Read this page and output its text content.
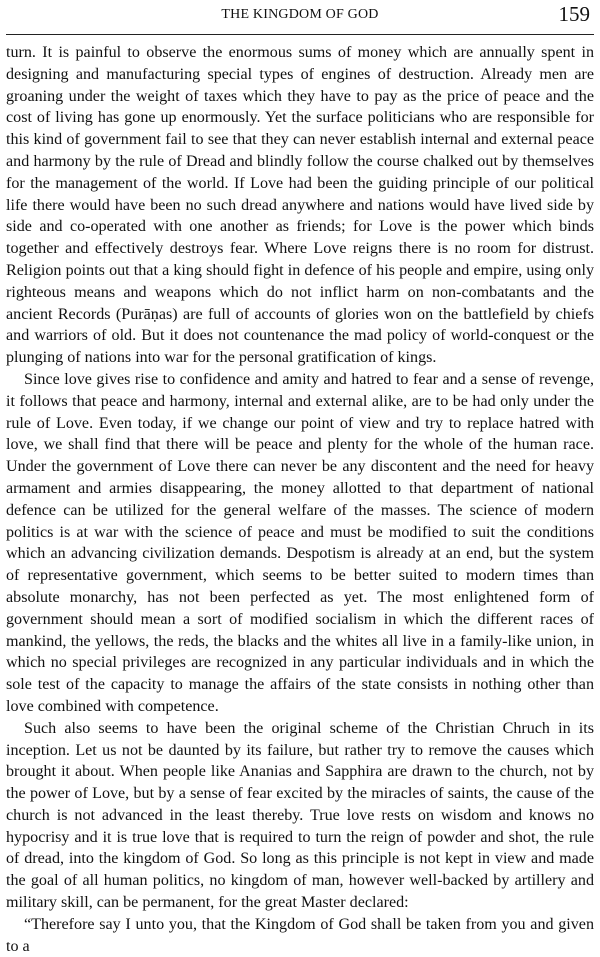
THE KINGDOM OF GOD	159

turn. It is painful to observe the enormous sums of money which are annually spent in designing and manufacturing special types of engines of destruction. Already men are groaning under the weight of taxes which they have to pay as the price of peace and the cost of living has gone up enormously. Yet the surface politicians who are responsible for this kind of government fail to see that they can never establish internal and external peace and harmony by the rule of Dread and blindly follow the course chalked out by themselves for the management of the world. If Love had been the guiding principle of our political life there would have been no such dread anywhere and nations would have lived side by side and co-operated with one another as friends; for Love is the power which binds together and effectively destroys fear. Where Love reigns there is no room for distrust. Religion points out that a king should fight in defence of his people and empire, using only righteous means and weapons which do not inflict harm on non-combatants and the ancient Records (Purāṇas) are full of accounts of glories won on the battlefield by chiefs and warriors of old. But it does not countenance the mad policy of world-conquest or the plunging of nations into war for the personal gratification of kings.

Since love gives rise to confidence and amity and hatred to fear and a sense of revenge, it follows that peace and harmony, internal and external alike, are to be had only under the rule of Love. Even today, if we change our point of view and try to replace hatred with love, we shall find that there will be peace and plenty for the whole of the human race. Under the government of Love there can never be any discontent and the need for heavy armament and armies disappearing, the money allotted to that department of national defence can be utilized for the general welfare of the masses. The science of modern politics is at war with the science of peace and must be modified to suit the conditions which an advancing civilization demands. Despotism is already at an end, but the system of representative government, which seems to be better suited to modern times than absolute monarchy, has not been perfected as yet. The most enlightened form of government should mean a sort of modified socialism in which the different races of mankind, the yellows, the reds, the blacks and the whites all live in a family-like union, in which no special privileges are recognized in any particular individuals and in which the sole test of the capacity to manage the affairs of the state consists in nothing other than love combined with competence.

Such also seems to have been the original scheme of the Christian Chruch in its inception. Let us not be daunted by its failure, but rather try to remove the causes which brought it about. When people like Ananias and Sapphira are drawn to the church, not by the power of Love, but by a sense of fear excited by the miracles of saints, the cause of the church is not advanced in the least thereby. True love rests on wisdom and knows no hypocrisy and it is true love that is required to turn the reign of powder and shot, the rule of dread, into the kingdom of God. So long as this principle is not kept in view and made the goal of all human politics, no kingdom of man, however well-backed by artillery and military skill, can be permanent, for the great Master declared:

“Therefore say I unto you, that the Kingdom of God shall be taken from you and given to a
